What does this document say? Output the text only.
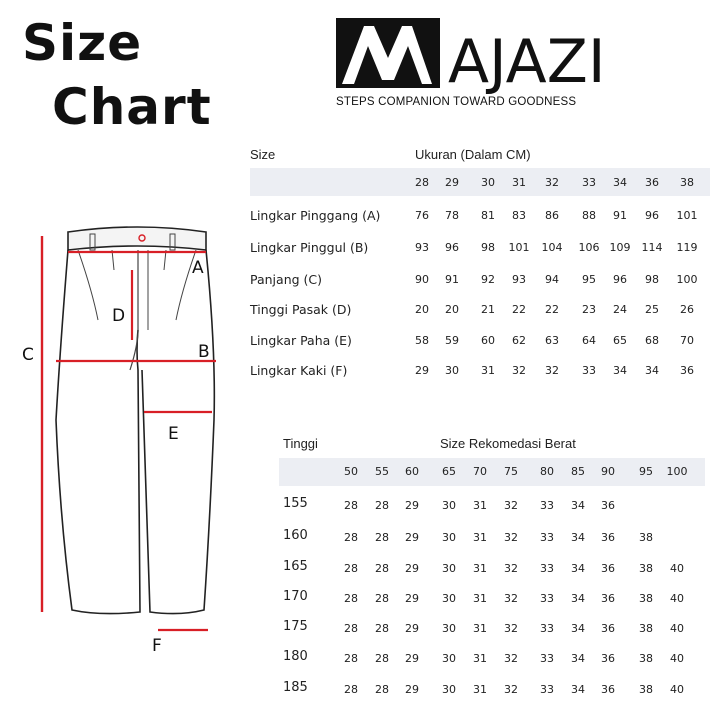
Size
Chart
AJAZI
STEPS COMPANION TOWARD GOODNESS
A
B
C
D
E
F
Size	Ukuran (Dalam CM)
28	29	30	31	32	33	34	36	38
Lingkar Pinggang (A)	76	78	81	83	86	88	91	96	101
Lingkar Pinggul (B)	93	96	98	101	104	106 109	114	119
Panjang (C)	90	91	92	93	94	95	96	98	100
Tinggi Pasak (D)	20	20	21	22	22	23	24	25	26
Lingkar Paha (E)	58	59	60	62	63	64	65	68	70
Lingkar Kaki (F)	29	30	31	32	32	33	34	34	36
Tinggi	Size Rekomedasi Berat
50	55	60	65	70	75	80	85	90	95	100
155	28	28	29	30	31	32	33	34	36
160	28	28	29	30	31	32	33	34	36	38
165	28	28	29	30	31	32	33	34	36	38	40
170	28	28	29	30	31	32	33	34	36	38	40
175	28	28	29	30	31	32	33	34	36	38	40
180	28	28	29	30	31	32	33	34	36	38	40
185	28	28	29	30	31	32	33	34	36	38	40
